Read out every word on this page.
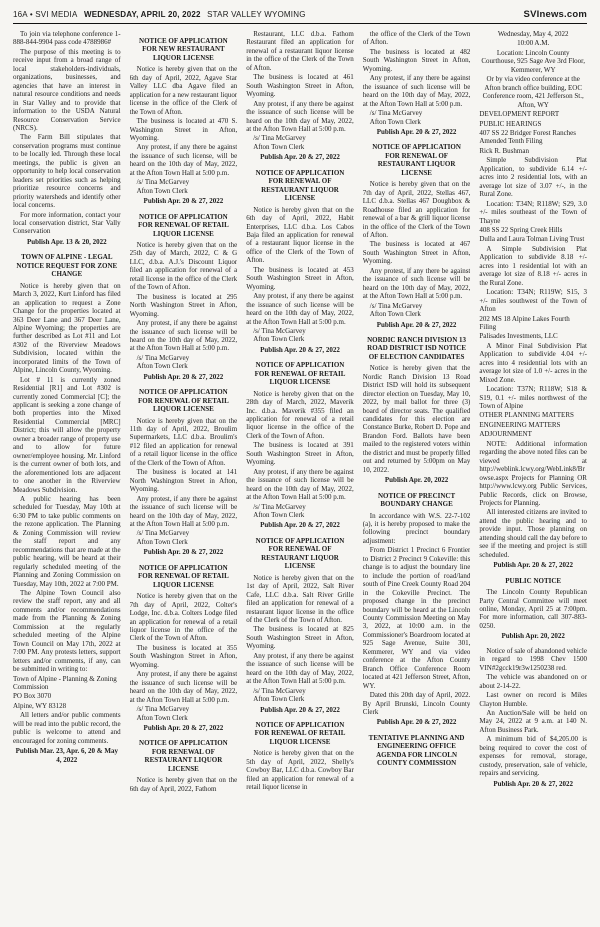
16A • SVI MEDIA WEDNESDAY, APRIL 20, 2022 STAR VALLEY WYOMING	SVInews.com

To join via telephone conference 1-888-844-9904 pass code 4788986#

The purpose of this meeting is to receive input from a broad range of local stakeholders-individuals, organizations, businesses, and agencies that have an interest in natural resource conditions and needs in Star Valley and to provide that information to the USDA Natural Resource Conservation Service (NRCS).

The Farm Bill stipulates that conservation programs must continue to be locally led. Through these local meetings, the public is given an opportunity to help local conservation leaders set priorities such as helping prioritize resource concerns and priority watersheds and identify other local concerns.

For more information, contact your local conservation district, Star Vally Conservation

Publish Apr. 13 & 20, 2022

TOWN OF ALPINE - LEGAL NOTICE REQUEST FOR ZONE CHANGE

Notice is hereby given that on March 3, 2022, Kurt Linford has filed an application to request a Zone Change for the properties located at 363 Deer Lane and 367 Deer Lane, Alpine Wyoming; the properties are further described as Lot #11 and Lot #302 of the Riverview Meadows Subdivision, located within the incorporated limits of the Town of Alpine, Lincoln County, Wyoming.

Lot # 11 is currently zoned Residential [R1] and Lot #302 is currently zoned Commercial [C]; the applicant is seeking a zone change of both properties into the Mixed Residential Commercial [MRC] District; this will allow the property owner a broader range of property use and to allow for future owner/employee housing. Mr. Linford is the current owner of both lots, and the aforementioned lots are adjacent to one another in the Riverview Meadows Subdivision.

A public hearing has been scheduled for Tuesday, May 10th at 6:30 PM to take public comments on the rezone application. The Planning & Zoning Commission will review the staff report and any recommendations that are made at the public hearing, will be heard at their regularly scheduled meeting of the Planning and Zoning Commission on Tuesday, May 10th, 2022 at 7:00 PM.

The Alpine Town Council also review the staff report, any and all comments and/or recommendations made from the Planning & Zoning Commission at the regularly scheduled meeting of the Alpine Town Council on May 17th, 2022 at 7:00 PM. Any protests letters, support letters and/or comments, if any, can be submitted in writing to:

Town of Alpine - Planning & Zoning Commission

PO Box 3070

Alpine, WY 83128

All letters and/or public comments will be read into the public record, the public is welcome to attend and encouraged for zoning comments.

Publish Mar. 23, Apr. 6, 20 & May 4, 2022

NOTICE OF APPLICATION FOR NEW RESTAURANT LIQUOR LICENSE

Notice is hereby given that on the 6th day of April, 2022, Agave Star Valley LLC dba Agave filed an application for a new restaurant liquor license in the office of the Clerk of the Town of Afton.

The business is located at 470 S. Washington Street in Afton, Wyoming.

Any protest, if any there be against the issuance of such license, will be heard on the 10th day of May, 2022, at the Afton Town Hall at 5:00 p.m.

/s/ Tina McGarvey

Afton Town Clerk

Publish Apr. 20 & 27, 2022

NOTICE OF APPLICATION FOR RENEWAL OF RETAIL LIQUOR LICENSE

Notice is hereby given that on the 25th day of March, 2022, C & G LLC, d.b.a. A.J.'s Discount Liquor filed an application for renewal of a retail license in the office of the Clerk of the Town of Afton.

The business is located at 295 North Washington Street in Afton, Wyoming.

Any protest, if any there be against the issuance of such license will be heard on the 10th day of May, 2022, at the Afton Town Hall at 5:00 p.m.

/s/ Tina McGarvey

Afton Town Clerk

Publish Apr. 20 & 27, 2022

NOTICE OF APPLICATION FOR RENEWAL OF RETAIL LIQUOR LICENSE

Notice is hereby given that on the 11th day of April, 2022, Broulim Supermarkets, LLC d.b.a. Broulim's #12 filed an application for renewal of a retail liquor license in the office of the Clerk of the Town of Afton.

The business is located at 141 North Washington Street in Afton, Wyoming.

Any protest, if any there be against the issuance of such license will be heard on the 10th day of May, 2022, at the Afton Town Hall at 5:00 p.m.

/s/ Tina McGarvey

Afton Town Clerk

Publish Apr. 20 & 27, 2022

NOTICE OF APPLICATION FOR RENEWAL OF RETAIL LIQUOR LICENSE

Notice is hereby given that on the 7th day of April, 2022, Colter's Lodge, Inc. d.b.a. Colters Lodge filed an application for renewal of a retail liquor license in the office of the Clerk of the Town of Afton.

The business is located at 355 South Washington Street in Afton, Wyoming.

Any protest, if any there be against the issuance of such license will be heard on the 10th day of May, 2022, at the Afton Town Hall at 5:00 p.m.

/s/ Tina McGarvey

Afton Town Clerk

Publish Apr. 20 & 27, 2022

NOTICE OF APPLICATION FOR RENEWAL OF RESTAURANT LIQUOR LICENSE

Notice is hereby given that on the 6th day of April, 2022, Fathom

Restaurant, LLC d.b.a. Fathom Restaurant filed an application for renewal of a restaurant liquor license in the office of the Clerk of the Town of Afton.

The business is located at 461 South Washington Street in Afton, Wyoming.

Any protest, if any there be against the issuance of such license will be heard on the 10th day of May, 2022, at the Afton Town Hall at 5:00 p.m.

/s/ Tina McGarvey

Afton Town Clerk

Publish Apr. 20 & 27, 2022

NOTICE OF APPLICATION FOR RENEWAL OF RESTAURANT LIQUOR LICENSE

Notice is hereby given that on the 6th day of April, 2022, Habit Enterprises, LLC d.b.a. Los Cabos Baja filed an application for renewal of a restaurant liquor license in the office of the Clerk of the Town of Afton.

The business is located at 453 South Washington Street in Afton, Wyoming.

Any protest, if any there be against the issuance of such license will be heard on the 10th day of May, 2022, at the Afton Town Hall at 5:00 p.m.

/s/ Tina McGarvey

Afton Town Clerk

Publish Apr. 20 & 27, 2022

NOTICE OF APPLICATION FOR RENEWAL OF RETAIL LIQUOR LICENSE

Notice is hereby given that on the 28th day of March, 2022, Maverik Inc. d.b.a. Maverik #355 filed an application for renewal of a retail liquor license in the office of the Clerk of the Town of Afton.

The business is located at 391 South Washington Street in Afton, Wyoming.

Any protest, if any there be against the issuance of such license will be heard on the 10th day of May, 2022, at the Afton Town Hall at 5:00 p.m.

/s/ Tina McGarvey

Afton Town Clerk

Publish Apr. 20 & 27, 2022

NOTICE OF APPLICATION FOR RENEWAL OF RESTAURANT LIQUOR LICENSE

Notice is hereby given that on the 1st day of April, 2022, Salt River Cafe, LLC d.b.a. Salt River Grille filed an application for renewal of a restaurant liquor license in the office of the Clerk of the Town of Afton.

The business is located at 825 South Washington Street in Afton, Wyoming.

Any protest, if any there be against the issuance of such license will be heard on the 10th day of May, 2022, at the Afton Town Hall at 5:00 p.m.

/s/ Tina McGarvey

Afton Town Clerk

Publish Apr. 20 & 27, 2022

NOTICE OF APPLICATION FOR RENEWAL OF RETAIL LIQUOR LICENSE

Notice is hereby given that on the 5th day of April, 2022, Shelly's Cowboy Bar, LLC d.b.a. Cowboy Bar filed an application for renewal of a retail liquor license in

the office of the Clerk of the Town of Afton.

The business is located at 482 South Washington Street in Afton, Wyoming.

Any protest, if any there be against the issuance of such license will be heard on the 10th day of May, 2022, at the Afton Town Hall at 5:00 p.m.

/s/ Tina McGarvey

Afton Town Clerk

Publish Apr. 20 & 27, 2022

NOTICE OF APPLICATION FOR RENEWAL OF RESTAURANT LIQUOR LICENSE

Notice is hereby given that on the 7th day of April, 2022, Stellas 467, LLC d.b.a. Stellas 467 Doughbox & Roadhouse filed an application for renewal of a bar & grill liquor license in the office of the Clerk of the Town of Afton.

The business is located at 467 South Washington Street in Afton, Wyoming.

Any protest, if any there be against the issuance of such license will be heard on the 10th day of May, 2022, at the Afton Town Hall at 5:00 p.m.

/s/ Tina McGarvey

Afton Town Clerk

Publish Apr. 20 & 27, 2022

NORDIC RANCH DIVISION 13 ROAD DISTRICT ISD NOTICE OF ELECTION CANDIDATES

Notice is hereby given that the Nordic Ranch Division 13 Road District ISD will hold its subsequent director election on Tuesday, May 10, 2022, by mail ballot for three (3) board of director seats. The qualified candidates for this election are Constance Burke, Robert D. Pope and Brandon Ford. Ballots have been mailed to the registered voters within the district and must be properly filled out and returned by 5:00pm on May 10, 2022.

Publish Apr. 20, 2022

NOTICE OF PRECINCT BOUNDARY CHANGE

In accordance with W.S. 22-7-102 (a), it is hereby proposed to make the following precinct boundary adjustment:

From District 1 Precinct 6 Frontier to District 2 Precinct 9 Cokeville: this change is to adjust the boundary line to include the portion of road/land south of Pine Creek County Road 204 in the Cokeville Precinct. The proposed change in the precinct boundary will be heard at the Lincoln County Commission Meeting on May 3, 2022, at 10:00 a.m. in the Commissioner's Boardroom located at 925 Sage Avenue, Suite 301, Kemmerer, WY and via video conference at the Afton County Branch Office Conference Room located at 421 Jefferson Street, Afton, WY.

Dated this 20th day of April, 2022. By April Brunski, Lincoln County Clerk

Publish Apr. 20 & 27, 2022

TENTATIVE PLANNING AND ENGINEERING OFFICE AGENDA FOR LINCOLN COUNTY COMMISSION

Wednesday, May 4, 2022

10:00 A.M.

Location: Lincoln County Courthouse, 925 Sage Ave 3rd Floor, Kemmerer, WY

Or by via video conference at the Afton branch office building, EOC Conference room, 421 Jefferson St., Afton, WY

DEVELOPMENT REPORT

PUBLIC HEARINGS

407 SS 22 Bridger Forest Ranches Amended Tenth Filing

Rick R. Bushman

Simple Subdivision Plat Application, to subdivide 6.14 +/- acres into 2 residential lots, with an average lot size of 3.07 +/-, in the Rural Zone.

Location: T34N; R118W; S29, 3.0 +/- miles southeast of the Town of Thayne

408 SS 22 Spring Creek Hills

Dulla and Laura Tolman Living Trust

A Simple Subdivision Plat Application to subdivide 8.18 +/- acres into 1 residential lot with an average lot size of 8.18 +/- acres in the Rural Zone.

Location: T34N; R119W; S15, 3 +/- miles southwest of the Town of Afton

202 MS 18 Alpine Lakes Fourth Filing

Palisades Investments, LLC

A Minor Final Subdivision Plat Application to subdivide 4.04 +/- acres into 4 residential lots with an average lot size of 1.0 +/- acres in the Mixed Zone.

Location: T37N; R118W; S18 & S19, 0.1 +/- miles northwest of the Town of Alpine

OTHER PLANNING MATTERS

ENGINEERING MATTERS

ADJOURNMENT

NOTE: Additional information regarding the above noted files can be viewed at http://weblink.lcwy.org/WebLink8/Browse.aspx Projects for Planning OR http://www.lcwy.org Public Services, Public Records, click on Browse, Projects for Planning.

All interested citizens are invited to attend the public hearing and to provide input. Those planning on attending should call the day before to see if the meeting and project is still scheduled.

Publish Apr. 20 & 27, 2022

PUBLIC NOTICE

The Lincoln County Republican Party Central Committee will meet online, Monday, April 25 at 7:00pm. For more information, call 307-883-0250.

Publish Apr. 20, 2022

Notice of sale of abandoned vehicle in regard to 1998 Chev 1500 VIN#2gcck19r3w1250238 red.

The vehicle was abandoned on or about 2-14-22.

Last owner on record is Miles Clayton Humble.

An Auction/Sale will be held on May 24, 2022 at 9 a.m. at 140 N. Afton Business Park.

A minimum bid of $4,205.00 is being required to cover the cost of expenses for removal, storage, custody, preservation, sale of vehicle, repairs and servicing.

Publish Apr. 20 & 27, 2022
